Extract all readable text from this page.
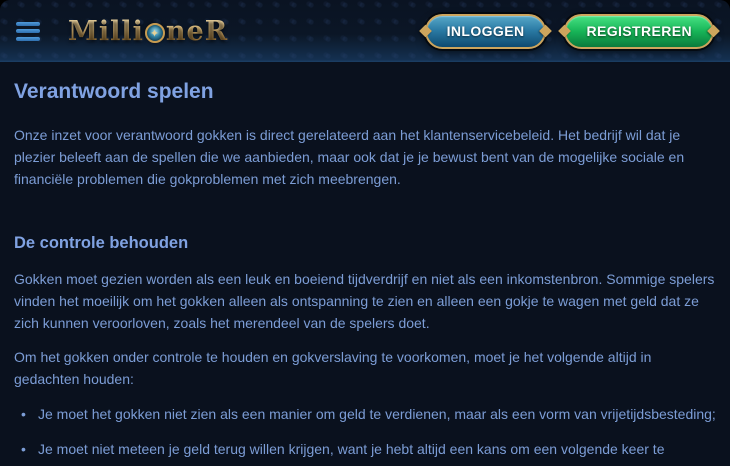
Milli ✦ neR	INLOGGEN	REGISTREREN
Verantwoord spelen

Onze inzet voor verantwoord gokken is direct gerelateerd aan het klantenservicebeleid. Het bedrijf wil dat je plezier beleeft aan de spellen die we aanbieden, maar ook dat je je bewust bent van de mogelijke sociale en financiële problemen die gokproblemen met zich meebrengen.

De controle behouden

Gokken moet gezien worden als een leuk en boeiend tijdverdrijf en niet als een inkomstenbron. Sommige spelers vinden het moeilijk om het gokken alleen als ontspanning te zien en alleen een gokje te wagen met geld dat ze zich kunnen veroorloven, zoals het merendeel van de spelers doet.

Om het gokken onder controle te houden en gokverslaving te voorkomen, moet je het volgende altijd in gedachten houden:

• Je moet het gokken niet zien als een manier om geld te verdienen, maar als een vorm van vrijetijdsbesteding;
• Je moet niet meteen je geld terug willen krijgen, want je hebt altijd een kans om een volgende keer te
